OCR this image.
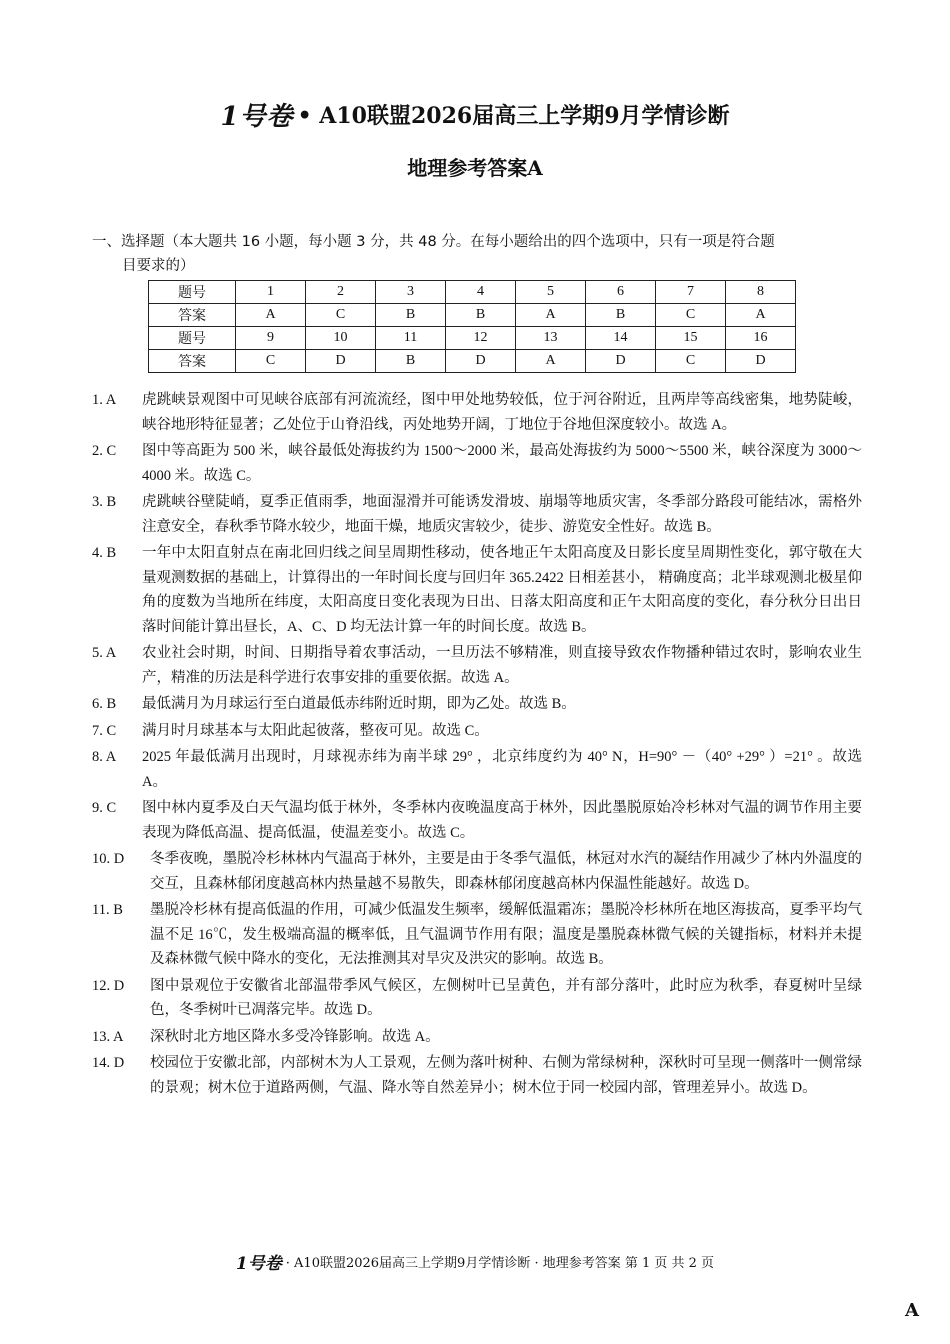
1号卷 • A10联盟2026届高三上学期9月学情诊断
地理参考答案A
一、选择题（本大题共 16 小题，每小题 3 分，共 48 分。在每小题给出的四个选项中，只有一项是符合题
目要求的）
题号	1	2	3	4	5	6	7	8
答案	A	C	B	B	A	B	C	A
题号	9	10	11	12	13	14	15	16
答案	C	D	B	D	A	D	C	D
1. A	虎跳峡景观图中可见峡谷底部有河流流经，图中甲处地势较低，位于河谷附近，且两岸等高线密集，地势陡峻，峡谷地形特征显著；乙处位于山脊沿线，丙处地势开阔，丁地位于谷地但深度较小。故选 A。
2. C	图中等高距为 500 米，峡谷最低处海拔约为 1500～2000 米，最高处海拔约为 5000～5500 米，峡谷深度为 3000～4000 米。故选 C。
3. B	虎跳峡谷壁陡峭，夏季正值雨季，地面湿滑并可能诱发滑坡、崩塌等地质灾害，冬季部分路段可能结冰，需格外注意安全，春秋季节降水较少，地面干燥，地质灾害较少，徒步、游览安全性好。故选 B。
4. B	一年中太阳直射点在南北回归线之间呈周期性移动，使各地正午太阳高度及日影长度呈周期性变化，郭守敬在大量观测数据的基础上，计算得出的一年时间长度与回归年 365.2422 日相差甚小， 精确度高；北半球观测北极星仰角的度数为当地所在纬度，太阳高度日变化表现为日出、日落太阳高度和正午太阳高度的变化，春分秋分日出日落时间能计算出昼长，A、C、D 均无法计算一年的时间长度。故选 B。
5. A	农业社会时期，时间、日期指导着农事活动，一旦历法不够精准，则直接导致农作物播种错过农时，影响农业生产，精准的历法是科学进行农事安排的重要依据。故选 A。
6. B	最低满月为月球运行至白道最低赤纬附近时期，即为乙处。故选 B。
7. C	满月时月球基本与太阳此起彼落，整夜可见。故选 C。
8. A	2025 年最低满月出现时，月球视赤纬为南半球 29° ，北京纬度约为 40° N，H=90° －（40° +29° ）=21° 。故选 A。
9. C	图中林内夏季及白天气温均低于林外，冬季林内夜晚温度高于林外，因此墨脱原始冷杉林对气温的调节作用主要表现为降低高温、提高低温，使温差变小。故选 C。
10. D	冬季夜晚，墨脱冷杉林林内气温高于林外，主要是由于冬季气温低，林冠对水汽的凝结作用减少了林内外温度的交互，且森林郁闭度越高林内热量越不易散失，即森林郁闭度越高林内保温性能越好。故选 D。
11. B	墨脱冷杉林有提高低温的作用，可减少低温发生频率，缓解低温霜冻；墨脱冷杉林所在地区海拔高，夏季平均气温不足 16℃，发生极端高温的概率低，且气温调节作用有限；温度是墨脱森林微气候的关键指标，材料并未提及森林微气候中降水的变化，无法推测其对旱灾及洪灾的影响。故选 B。
12. D	图中景观位于安徽省北部温带季风气候区，左侧树叶已呈黄色，并有部分落叶，此时应为秋季，春夏树叶呈绿色，冬季树叶已凋落完毕。故选 D。
13. A	深秋时北方地区降水多受冷锋影响。故选 A。
14. D	校园位于安徽北部，内部树木为人工景观，左侧为落叶树种、右侧为常绿树种，深秋时可呈现一侧落叶一侧常绿的景观；树木位于道路两侧，气温、降水等自然差异小；树木位于同一校园内部，管理差异小。故选 D。
1号卷 · A10联盟2026届高三上学期9月学情诊断 · 地理参考答案 第 1 页 共 2 页
A
